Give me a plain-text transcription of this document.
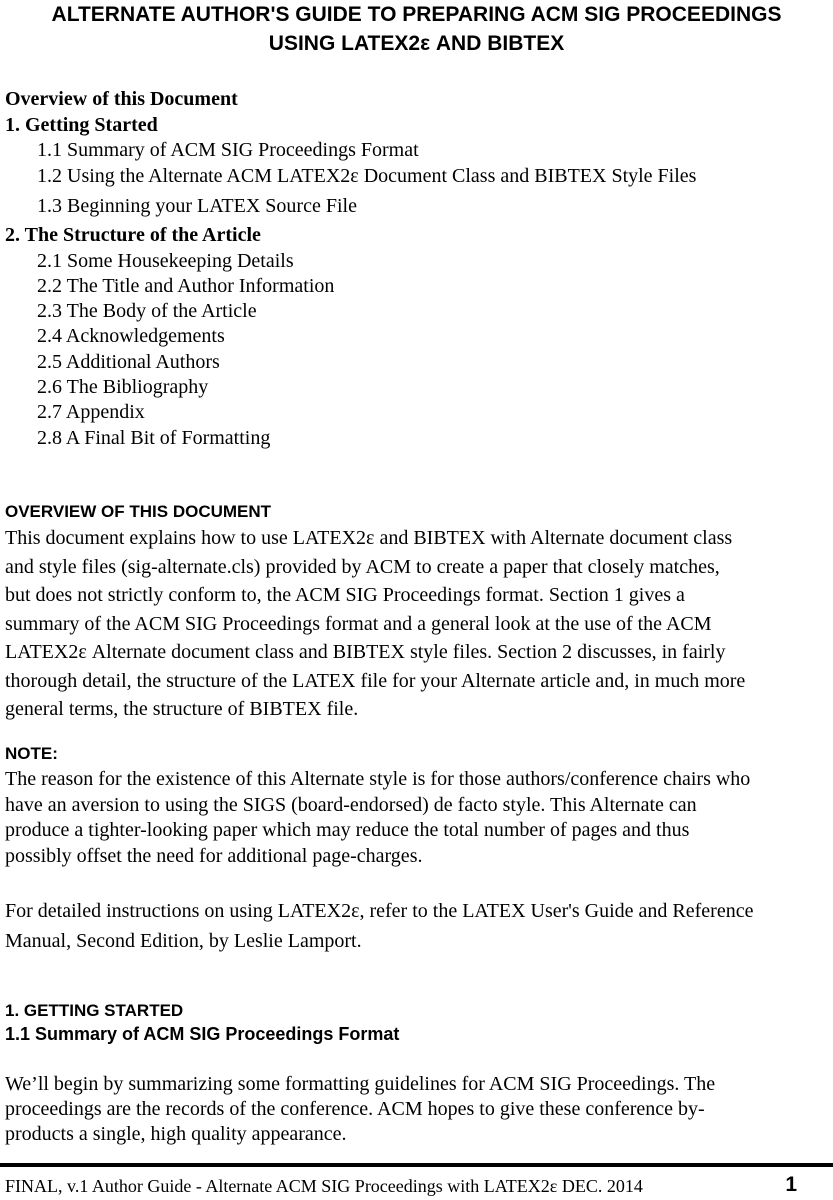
ALTERNATE AUTHOR'S GUIDE TO PREPARING ACM SIG PROCEEDINGS
USING LATEX2ε AND BIBTEX
Overview of this Document
1. Getting Started
1.1 Summary of ACM SIG Proceedings Format
1.2 Using the Alternate ACM LATEX2ε Document Class and BIBTEX Style Files
1.3 Beginning your LATEX Source File
2. The Structure of the Article
2.1 Some Housekeeping Details
2.2 The Title and Author Information
2.3 The Body of the Article
2.4 Acknowledgements
2.5 Additional Authors
2.6 The Bibliography
2.7 Appendix
2.8 A Final Bit of Formatting
OVERVIEW OF THIS DOCUMENT
This document explains how to use LATEX2ε and BIBTEX with Alternate document class
and style files (sig-alternate.cls) provided by ACM to create a paper that closely matches,
but does not strictly conform to, the ACM SIG Proceedings format. Section 1 gives a
summary of the ACM SIG Proceedings format and a general look at the use of the ACM
LATEX2ε Alternate document class and BIBTEX style files. Section 2 discusses, in fairly
thorough detail, the structure of the LATEX file for your Alternate article and, in much more
general terms, the structure of BIBTEX file.
NOTE:
The reason for the existence of this Alternate style is for those authors/conference chairs who
have an aversion to using the SIGS (board-endorsed) de facto style. This Alternate can
produce a tighter-looking paper which may reduce the total number of pages and thus
possibly offset the need for additional page-charges.
For detailed instructions on using LATEX2ε, refer to the LATEX User's Guide and Reference
Manual, Second Edition, by Leslie Lamport.
1. GETTING STARTED
1.1 Summary of ACM SIG Proceedings Format
We’ll begin by summarizing some formatting guidelines for ACM SIG Proceedings. The
proceedings are the records of the conference. ACM hopes to give these conference by-
products a single, high quality appearance.
FINAL, v.1 Author Guide - Alternate ACM SIG Proceedings with LATEX2ε DEC. 2014	1
